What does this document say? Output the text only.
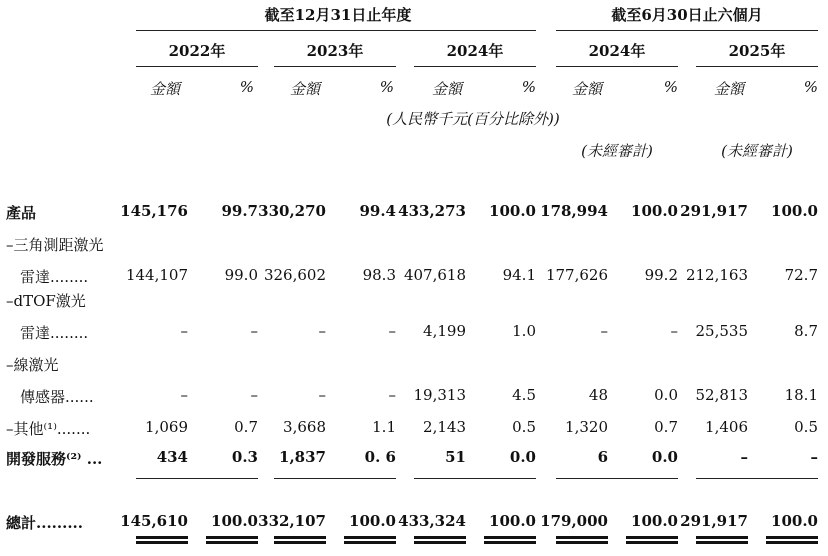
截至12月31日止年度	截至6月30日止六個月
2022年	2023年	2024年	2024年	2025年
金額	% 金額	%	金額	% 金額	% 金額	%
(人民幣千元(百分比除外))
(未經審計)	(未經審計)
產品	145,176	99.7 330,270	99.4 433,273	100.0 178,994	100.0 291,917	100.0
–三角測距激光
雷達........	144,107	99.0 326,602	98.3 407,618	94.1 177,626	99.2 212,163	72.7
–dTOF激光
雷達........	–	–	–	–	4,199	1.0	–	–	25,535	8.7
–線激光
傳感器......	–	–	–	–	19,313	4.5	48	0.0	52,813	18.1
–其他⁽¹⁾.......	1,069	0.7	3,668	1.1	2,143	0.5	1,320	0.7	1,406	0.5
開發服務⁽²⁾ ...	434	0.3	1,837	0. 6	51	0.0	6	0.0	–	–
總計......... 145,610	100.0 332,107	100.0 433,324	100.0 179,000	100.0 291,917	100.0
